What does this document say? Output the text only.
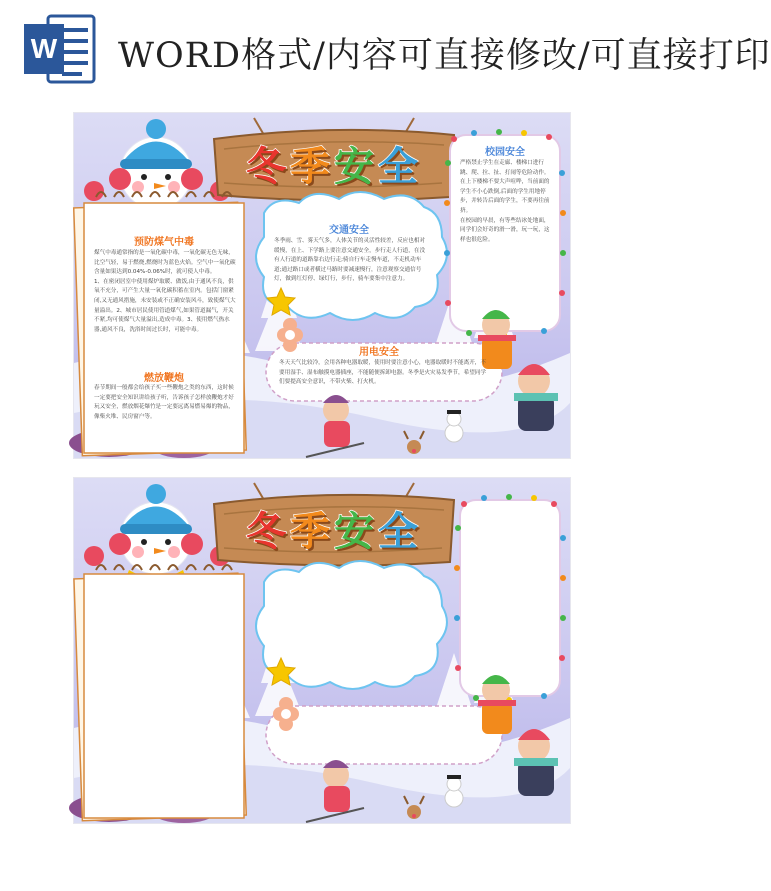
W WORD格式/内容可直接修改/可直接打印
冬季安全
预防煤气中毒
煤气中毒通常指的是一氧化碳中毒，一氧化碳无色无味，比空气轻，易于燃烧,燃烧时为蓝色火焰。空气中一氧化碳含量如果达到0.04%-0.06%时，就可使人中毒。
1、在密闭居室中使用煤炉取暖、做饭,由于通风不良，供氧不充分，可产生大量一氧化碳积蓄在室内。包括门窗紧闭,又无通风措施，未安装或不正确安装风斗，致使煤气大量溢出。2、城市居民使用管道煤气,如果管道漏气，开关不紧,均可使煤气大量溢出,造成中毒。3、使用燃气热水器,通风不良，洗浴时间过长时，可能中毒。
燃放鞭炮
春节期间一般都会给孩子买一些鞭炮之类的东西，这时候一定要把安全知识讲给孩子听，告诉孩子怎样放鞭炮才好玩又安全，燃放烟花爆竹是一定要远离易燃易爆的物品，像柴火堆、民房窗户等。
交通安全
冬季雨、雪、雾天气多，人体关节的灵活性较差，反应也相对缓慢，在上、下学路上要注意交通安全，步行走人行道，在没有人行道的道路靠右边行走;骑自行车走慢车道，不走机动车道;通过路口或者横过马路时要减速慢行，注意观察交通信号灯，做到红灯停、绿灯行，步行，骑车要集中注意力。
用电安全
冬天天气比较冷，会用各种电器取暖，使用时要注意小心，电器取暖时不能离开，不要用湿手、湿布触摸电器插座，不能随便拆卸电器。冬季是火灾易发季节，希望同学们要提高安全意识，不带火柴、打火机。
校园安全
严格禁止学生在走廊、楼梯口进行跳、爬、拉、扯、打闹等危险动作。
在上下楼梯不要大声喧哗，当前面的学生不小心跌倒,后面的学生用地停步，并转告后面的学生，不要再往前挤。
在校园的早晨，有等些结冰处地面，同学们会好奇的滑一滑，玩一玩，这样也很危险。
冬季安全
